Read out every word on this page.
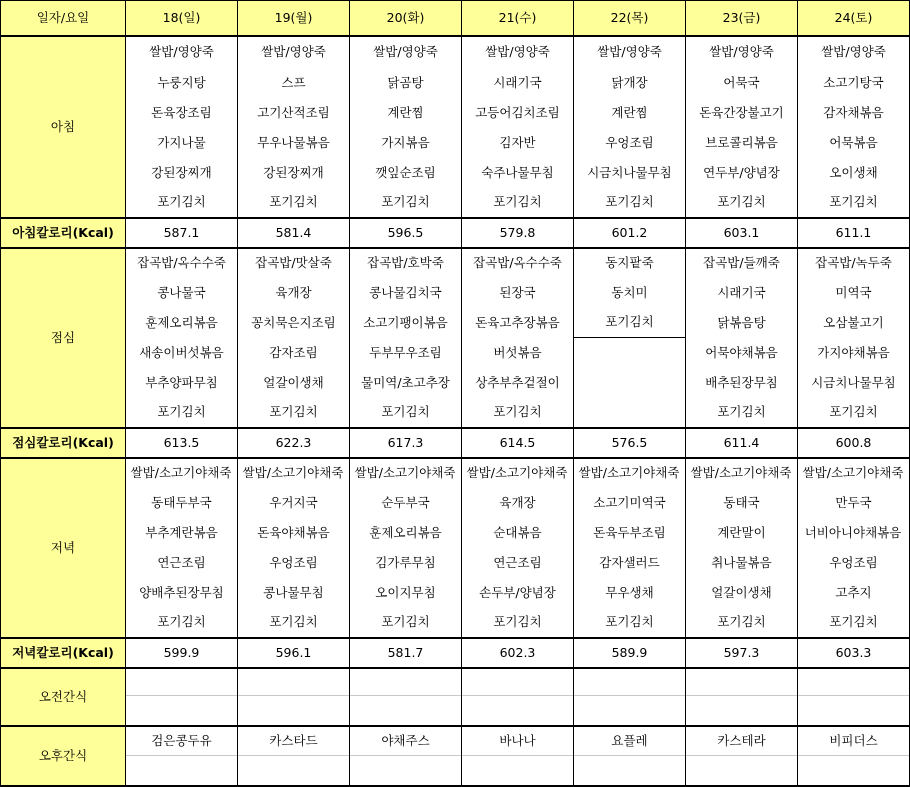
일자/요일	18(일)	19(월)	20(화)	21(수)	22(목)	23(금)	24(토)
아침	쌀밥/영양죽	쌀밥/영양죽	쌀밥/영양죽	쌀밥/영양죽	쌀밥/영양죽	쌀밥/영양죽	쌀밥/영양죽
	누룽지탕	스프	닭곰탕	시래기국	닭개장	어묵국	소고기탕국
	돈육장조림	고기산적조림	계란찜	고등어김치조림	계란찜	돈육간장불고기	감자채볶음
	가지나물	무우나물볶음	가지볶음	김자반	우엉조림	브로콜리볶음	어묵볶음
	강된장찌개	강된장찌개	깻잎순조림	숙주나물무침	시금치나물무침	연두부/양념장	오이생채
	포기김치	포기김치	포기김치	포기김치	포기김치	포기김치	포기김치
아침칼로리(Kcal)	587.1	581.4	596.5	579.8	601.2	603.1	611.1
점심	잡곡밥/옥수수죽	잡곡밥/맛살죽	잡곡밥/호박죽	잡곡밥/옥수수죽	동지팥죽	잡곡밥/들깨죽	잡곡밥/녹두죽
	콩나물국	육개장	콩나물김치국	된장국	동치미	시래기국	미역국
	훈제오리볶음	꽁치묵은지조림	소고기팽이볶음	돈육고추장볶음	포기김치	닭볶음탕	오삼불고기
	새송이버섯볶음	감자조림	두부무우조림	버섯볶음		어묵야채볶음	가지야채볶음
	부추양파무침	얼갈이생채	물미역/초고추장	상추부추겉절이		배추된장무침	시금치나물무침
	포기김치	포기김치	포기김치	포기김치		포기김치	포기김치
점심칼로리(Kcal)	613.5	622.3	617.3	614.5	576.5	611.4	600.8
저녁	쌀밥/소고기야채죽	쌀밥/소고기야채죽	쌀밥/소고기야채죽	쌀밥/소고기야채죽	쌀밥/소고기야채죽	쌀밥/소고기야채죽	쌀밥/소고기야채죽
	동태두부국	우거지국	순두부국	육개장	소고기미역국	동태국	만두국
	부추계란볶음	돈육야채볶음	훈제오리볶음	순대볶음	돈육두부조림	계란말이	너비아니야채볶음
	연근조림	우엉조림	김가루무침	연근조림	감자샐러드	취나물볶음	우엉조림
	양배추된장무침	콩나물무침	오이지무침	손두부/양념장	무우생채	얼갈이생채	고추지
	포기김치	포기김치	포기김치	포기김치	포기김치	포기김치	포기김치
저녁칼로리(Kcal)	599.9	596.1	581.7	602.3	589.9	597.3	603.3
오전간식							

오후간식	검은콩두유	카스타드	야채주스	바나나	요플레	카스테라	비피더스
